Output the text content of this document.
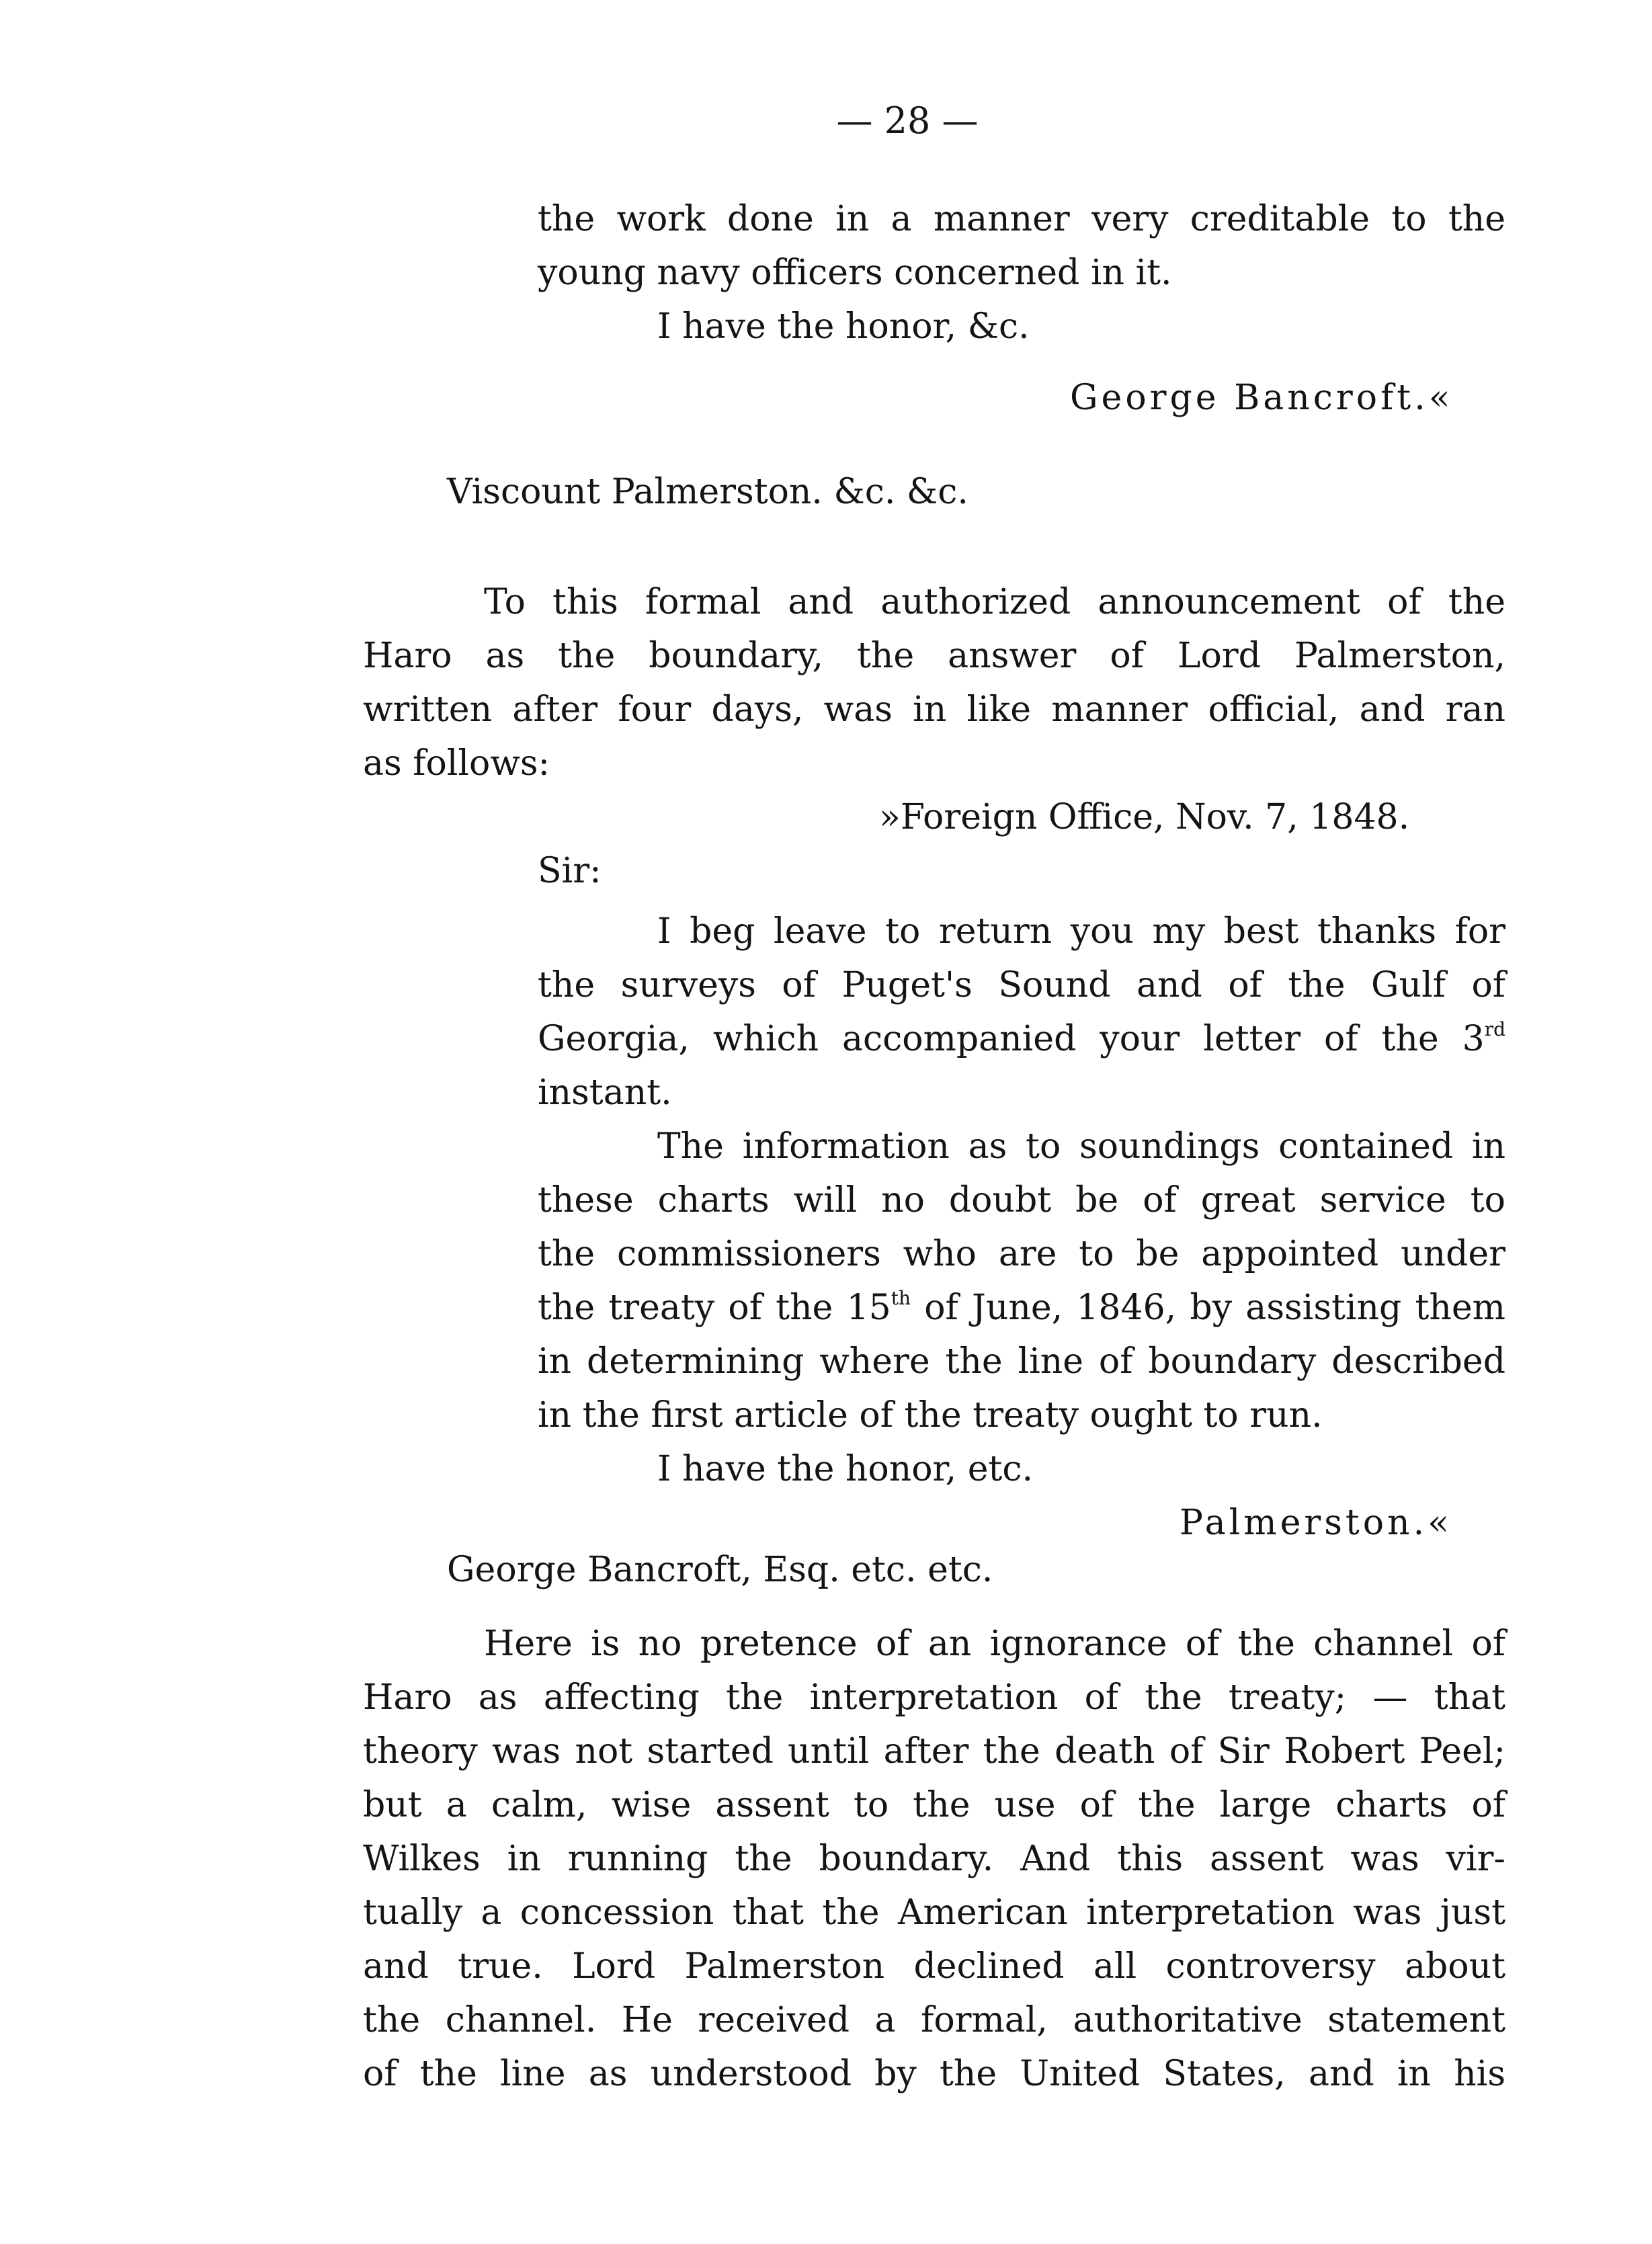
— 28 —
the work done in a manner very creditable to the
young navy officers concerned in it.
I have the honor, &c.
George Bancroft.«
Viscount Palmerston. &c. &c.
To this formal and authorized announcement of the
Haro as the boundary, the answer of Lord Palmerston,
written after four days, was in like manner official, and ran
as follows:
»Foreign Office, Nov. 7, 1848.
Sir:
I beg leave to return you my best thanks for
the surveys of Puget's Sound and of the Gulf of
Georgia, which accompanied your letter of the 3rd
instant.
The information as to soundings contained in
these charts will no doubt be of great service to
the commissioners who are to be appointed under
the treaty of the 15th of June, 1846, by assisting them
in determining where the line of boundary described
in the first article of the treaty ought to run.
I have the honor, etc.
Palmerston.«
George Bancroft, Esq. etc. etc.
Here is no pretence of an ignorance of the channel of
Haro as affecting the interpretation of the treaty; — that
theory was not started until after the death of Sir Robert Peel;
but a calm, wise assent to the use of the large charts of
Wilkes in running the boundary. And this assent was vir-
tually a concession that the American interpretation was just
and true. Lord Palmerston declined all controversy about
the channel. He received a formal, authoritative statement
of the line as understood by the United States, and in his
